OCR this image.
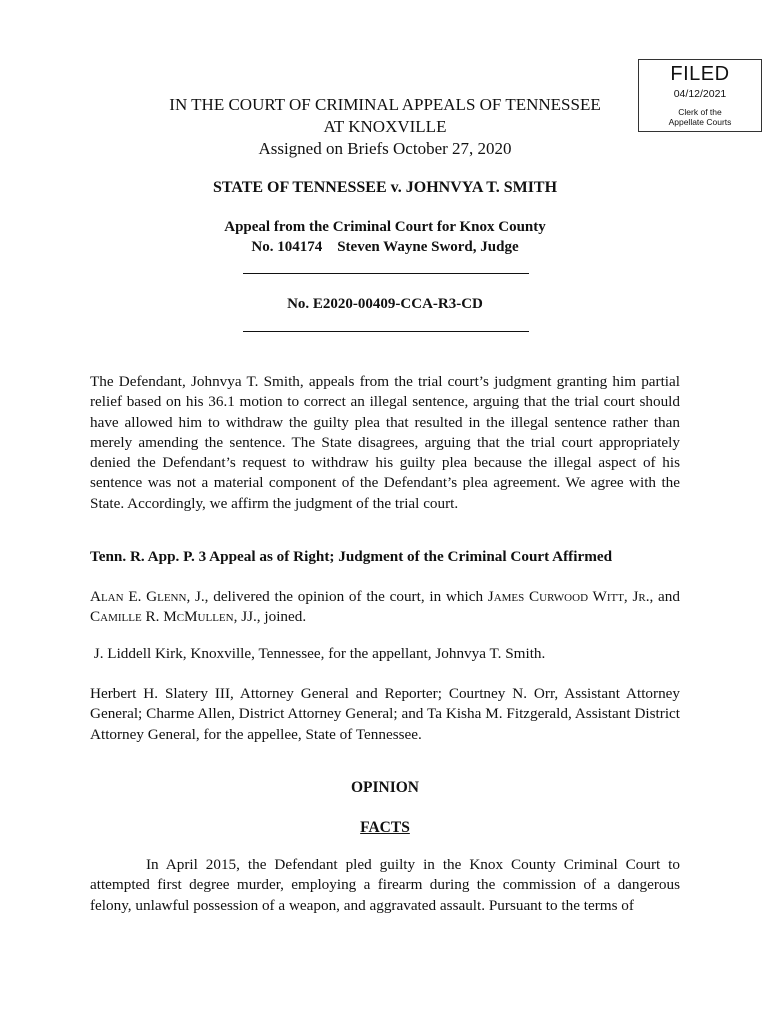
FILED
04/12/2021
Clerk of the
Appellate Courts
IN THE COURT OF CRIMINAL APPEALS OF TENNESSEE
AT KNOXVILLE
Assigned on Briefs October 27, 2020
STATE OF TENNESSEE v. JOHNVYA T. SMITH
Appeal from the Criminal Court for Knox County
No. 104174    Steven Wayne Sword, Judge
No. E2020-00409-CCA-R3-CD
The Defendant, Johnvya T. Smith, appeals from the trial court’s judgment granting him partial relief based on his 36.1 motion to correct an illegal sentence, arguing that the trial court should have allowed him to withdraw the guilty plea that resulted in the illegal sentence rather than merely amending the sentence. The State disagrees, arguing that the trial court appropriately denied the Defendant’s request to withdraw his guilty plea because the illegal aspect of his sentence was not a material component of the Defendant’s plea agreement. We agree with the State. Accordingly, we affirm the judgment of the trial court.
Tenn. R. App. P. 3 Appeal as of Right; Judgment of the Criminal Court Affirmed
Alan E. Glenn, J., delivered the opinion of the court, in which James Curwood Witt, Jr., and Camille R. McMullen, JJ., joined.
J. Liddell Kirk, Knoxville, Tennessee, for the appellant, Johnvya T. Smith.
Herbert H. Slatery III, Attorney General and Reporter; Courtney N. Orr, Assistant Attorney General; Charme Allen, District Attorney General; and Ta Kisha M. Fitzgerald, Assistant District Attorney General, for the appellee, State of Tennessee.
OPINION
FACTS
In April 2015, the Defendant pled guilty in the Knox County Criminal Court to attempted first degree murder, employing a firearm during the commission of a dangerous felony, unlawful possession of a weapon, and aggravated assault. Pursuant to the terms of
